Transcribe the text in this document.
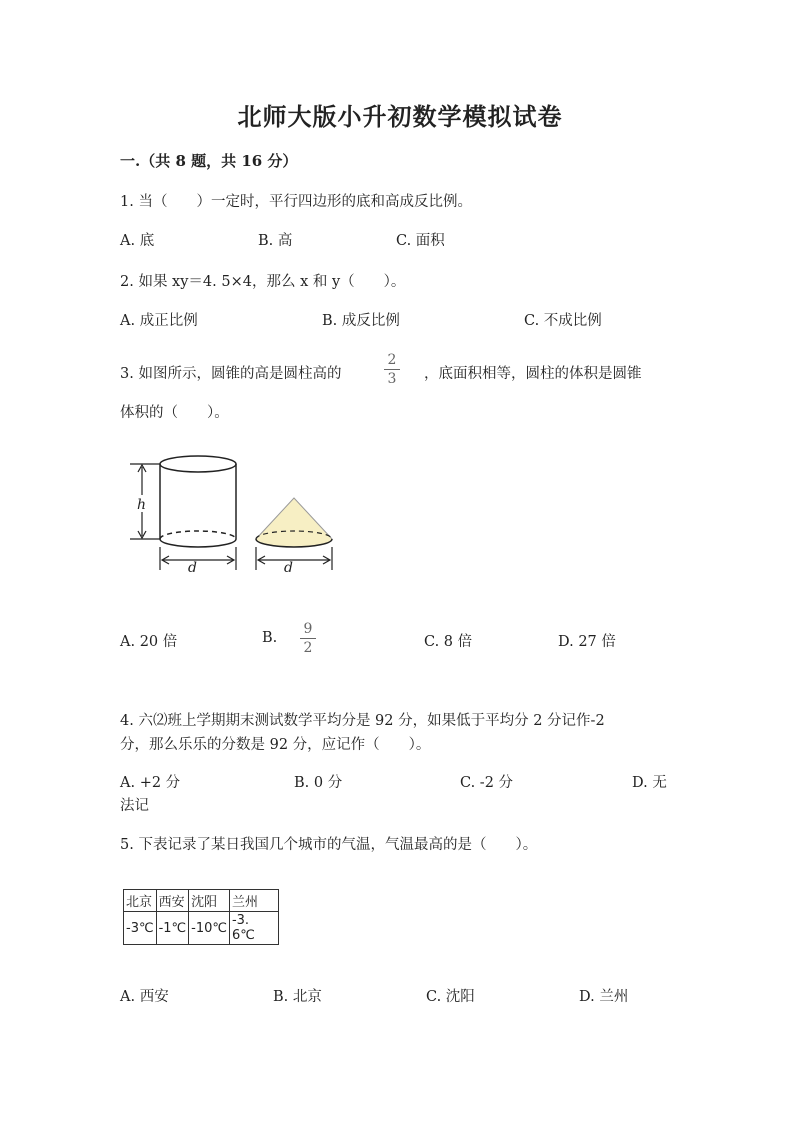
北师大版小升初数学模拟试卷
一.（共 8 题，共 16 分）
1. 当（　　）一定时，平行四边形的底和高成反比例。
A. 底	B. 高	C. 面积
2. 如果 xy＝4. 5×4，那么 x 和 y（　　）。
A. 成正比例	B. 成反比例	C. 不成比例
3. 如图所示，圆锥的高是圆柱高的
2
3 ，底面积相等，圆柱的体积是圆锥
体积的（　　）。
h
d	d
A. 20 倍	B.
9
2	C. 8 倍	D. 27 倍
4. 六⑵班上学期期末测试数学平均分是 92 分，如果低于平均分 2 分记作-2
分，那么乐乐的分数是 92 分，应记作（　　）。
A. +2 分	B. 0 分	C. -2 分	D. 无
法记
5. 下表记录了某日我国几个城市的气温，气温最高的是（　　）。
北京	西安	沈阳	兰州
-3℃	-1℃	-10℃	-3. 6℃
A. 西安	B. 北京	C. 沈阳	D. 兰州
